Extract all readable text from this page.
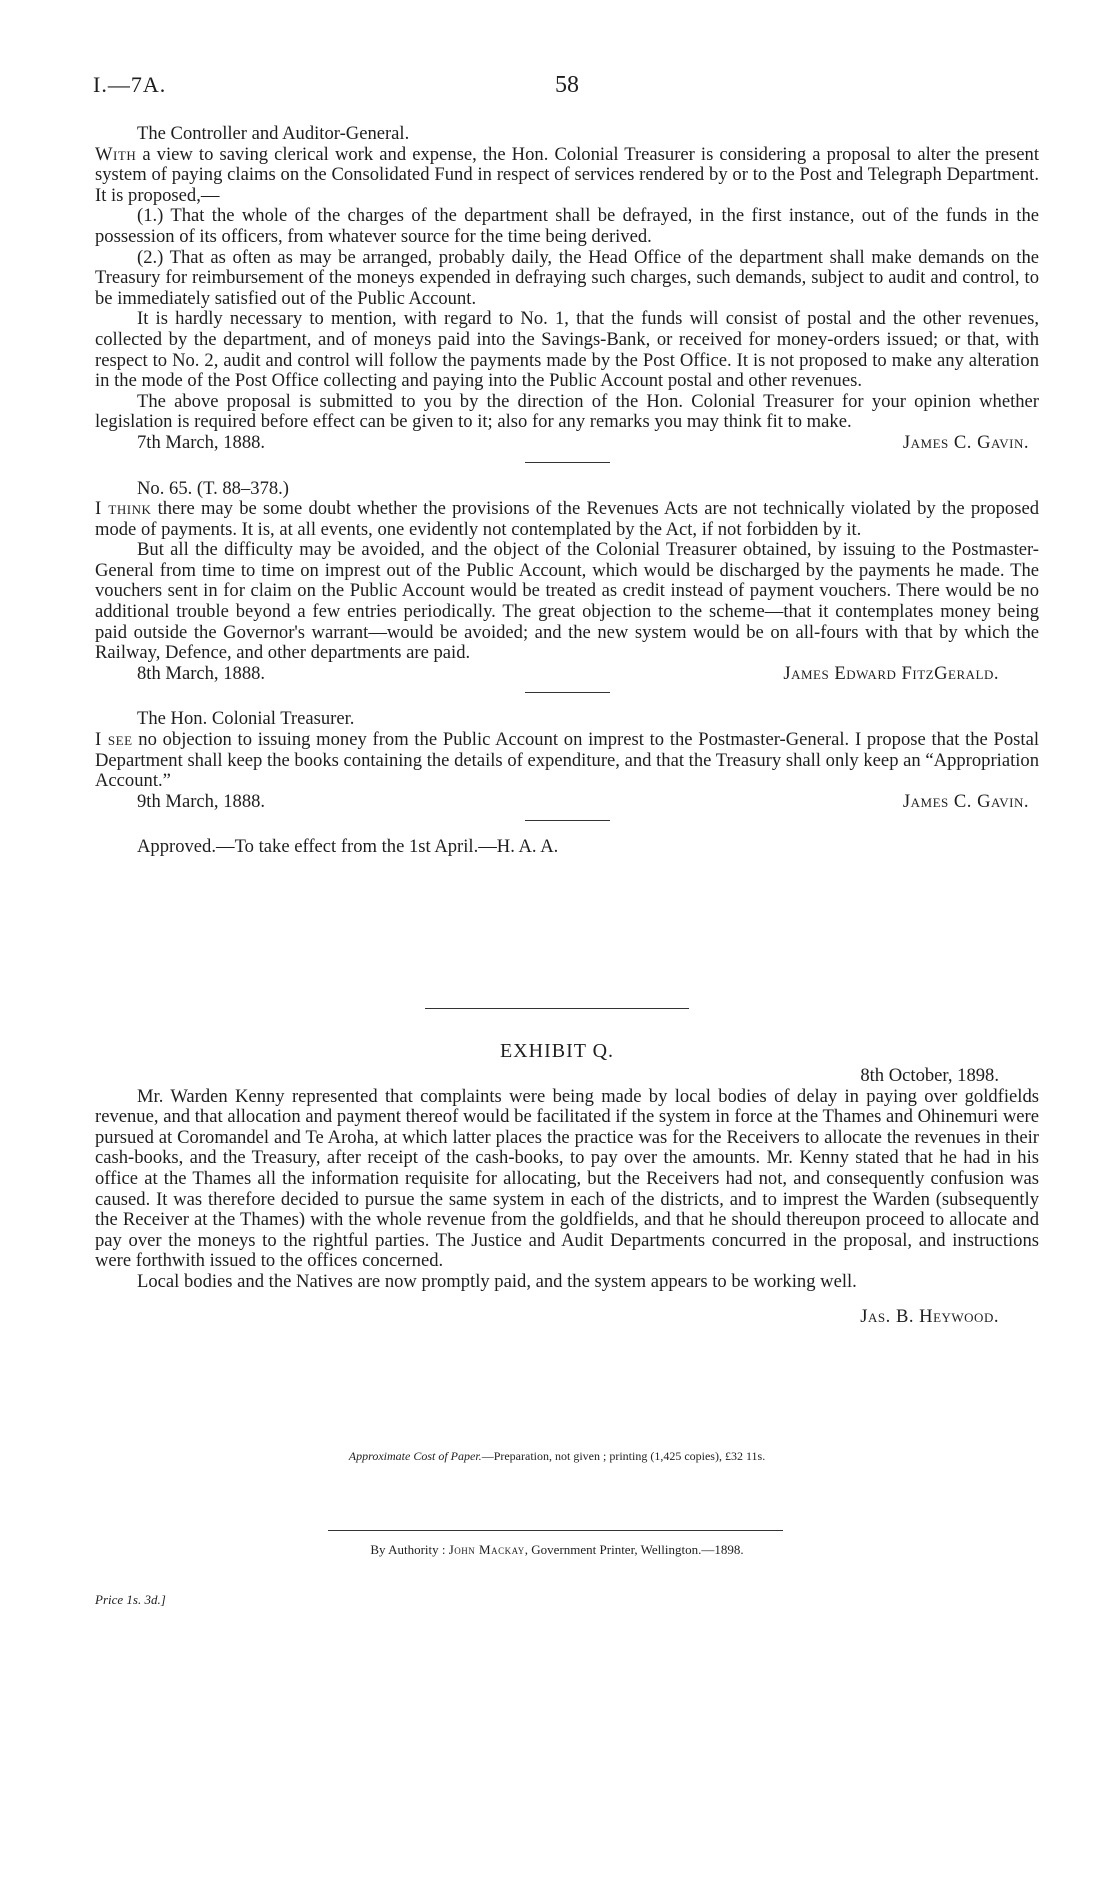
I.—7A.	58

The Controller and Auditor-General.

With a view to saving clerical work and expense, the Hon. Colonial Treasurer is considering a proposal to alter the present system of paying claims on the Consolidated Fund in respect of services rendered by or to the Post and Telegraph Department. It is proposed,—

(1.) That the whole of the charges of the department shall be defrayed, in the first instance, out of the funds in the possession of its officers, from whatever source for the time being derived.

(2.) That as often as may be arranged, probably daily, the Head Office of the department shall make demands on the Treasury for reimbursement of the moneys expended in defraying such charges, such demands, subject to audit and control, to be immediately satisfied out of the Public Account.

It is hardly necessary to mention, with regard to No. 1, that the funds will consist of postal and the other revenues, collected by the department, and of moneys paid into the Savings-Bank, or received for money-orders issued; or that, with respect to No. 2, audit and control will follow the payments made by the Post Office. It is not proposed to make any alteration in the mode of the Post Office collecting and paying into the Public Account postal and other revenues.

The above proposal is submitted to you by the direction of the Hon. Colonial Treasurer for your opinion whether legislation is required before effect can be given to it; also for any remarks you may think fit to make.

7th March, 1888.	James C. Gavin.

No. 65. (T. 88–378.)

I think there may be some doubt whether the provisions of the Revenues Acts are not technically violated by the proposed mode of payments. It is, at all events, one evidently not contemplated by the Act, if not forbidden by it.

But all the difficulty may be avoided, and the object of the Colonial Treasurer obtained, by issuing to the Postmaster-General from time to time on imprest out of the Public Account, which would be discharged by the payments he made. The vouchers sent in for claim on the Public Account would be treated as credit instead of payment vouchers. There would be no additional trouble beyond a few entries periodically. The great objection to the scheme—that it contemplates money being paid outside the Governor's warrant—would be avoided; and the new system would be on all-fours with that by which the Railway, Defence, and other departments are paid.

8th March, 1888.	James Edward FitzGerald.

The Hon. Colonial Treasurer.

I see no objection to issuing money from the Public Account on imprest to the Postmaster-General. I propose that the Postal Department shall keep the books containing the details of expenditure, and that the Treasury shall only keep an “Appropriation Account.”

9th March, 1888.	James C. Gavin.

Approved.—To take effect from the 1st April.—H. A. A.

EXHIBIT Q.

8th October, 1898.

Mr. Warden Kenny represented that complaints were being made by local bodies of delay in paying over goldfields revenue, and that allocation and payment thereof would be facilitated if the system in force at the Thames and Ohinemuri were pursued at Coromandel and Te Aroha, at which latter places the practice was for the Receivers to allocate the revenues in their cash-books, and the Treasury, after receipt of the cash-books, to pay over the amounts. Mr. Kenny stated that he had in his office at the Thames all the information requisite for allocating, but the Receivers had not, and consequently confusion was caused. It was therefore decided to pursue the same system in each of the districts, and to imprest the Warden (subsequently the Receiver at the Thames) with the whole revenue from the goldfields, and that he should thereupon proceed to allocate and pay over the moneys to the rightful parties. The Justice and Audit Departments concurred in the proposal, and instructions were forthwith issued to the offices concerned.

Local bodies and the Natives are now promptly paid, and the system appears to be working well.

Jas. B. Heywood.

Approximate Cost of Paper.—Preparation, not given ; printing (1,425 copies), £32 11s.
By Authority : John Mackay, Government Printer, Wellington.—1898.
Price 1s. 3d.]
